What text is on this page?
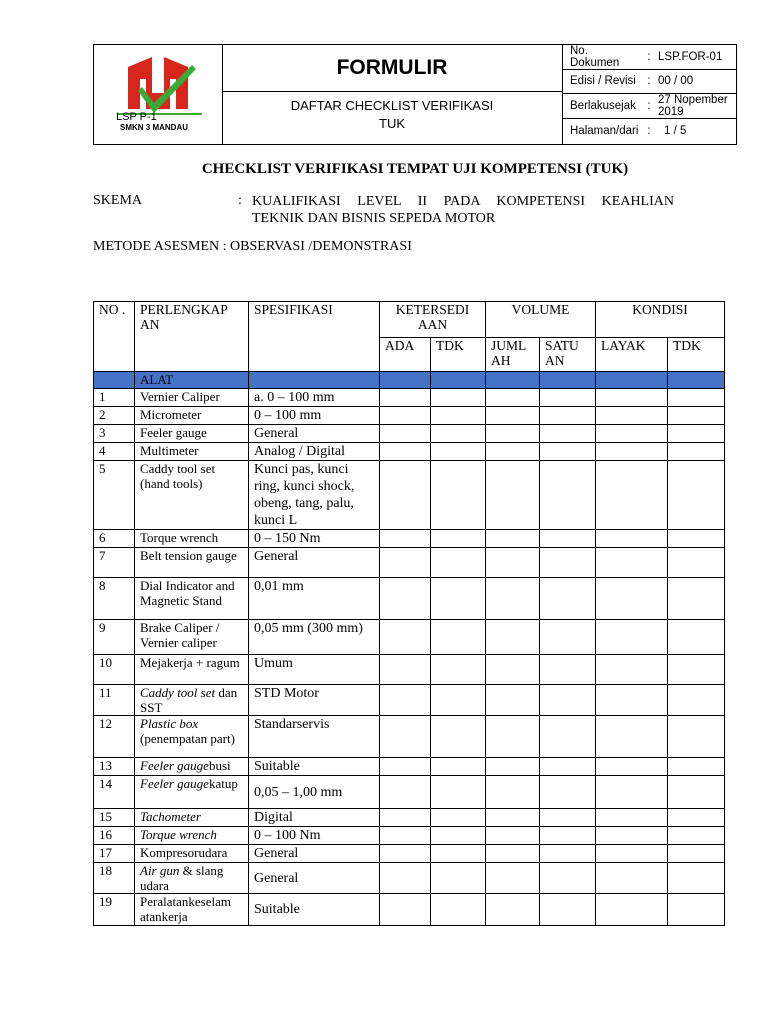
LSP P-1
SMKN 3 MANDAU
FORMULIR
DAFTAR CHECKLIST VERIFIKASI
TUK
No. Dokumen	: LSP.FOR-01
Edisi / Revisi	: 00 / 00
Berlakusejak	: 27 Nopember 2019
Halaman/dari :	1 / 5
CHECKLIST VERIFIKASI TEMPAT UJI KOMPETENSI (TUK)
SKEMA	: KUALIFIKASI LEVEL II PADA KOMPETENSI KEAHLIAN
TEKNIK DAN BISNIS SEPEDA MOTOR
METODE ASESMEN : OBSERVASI /DEMONSTRASI
NO .	PERLENGKAP AN	SPESIFIKASI	KETERSEDI AAN		VOLUME		KONDISI	
			ADA	TDK	JUML AH	SATU AN	LAYAK	TDK
	ALAT							
1	Vernier Caliper	a. 0 – 100 mm						
2	Micrometer	0 – 100 mm						
3	Feeler gauge	General						
4	Multimeter	Analog / Digital						
5	Caddy tool set (hand tools)	Kunci pas, kunci ring, kunci shock, obeng, tang, palu, kunci L						
6	Torque wrench	0 – 150 Nm						
7	Belt tension gauge	General						
8	Dial Indicator and Magnetic Stand	0,01 mm						
9	Brake Caliper / Vernier caliper	0,05 mm (300 mm)						
10	Mejakerja + ragum	Umum						
11	Caddy tool set dan SST	STD Motor						
12	Plastic box (penempatan part)	Standarservis						
13	Feeler gaugebusi	Suitable						
14	Feeler gaugekatup	0,05 – 1,00 mm						
15	Tachometer	Digital						
16	Torque wrench	0 – 100 Nm						
17	Kompresorudara	General						
18	Air gun & slang udara	General						
19	Peralatankeselam atankerja	Suitable						
